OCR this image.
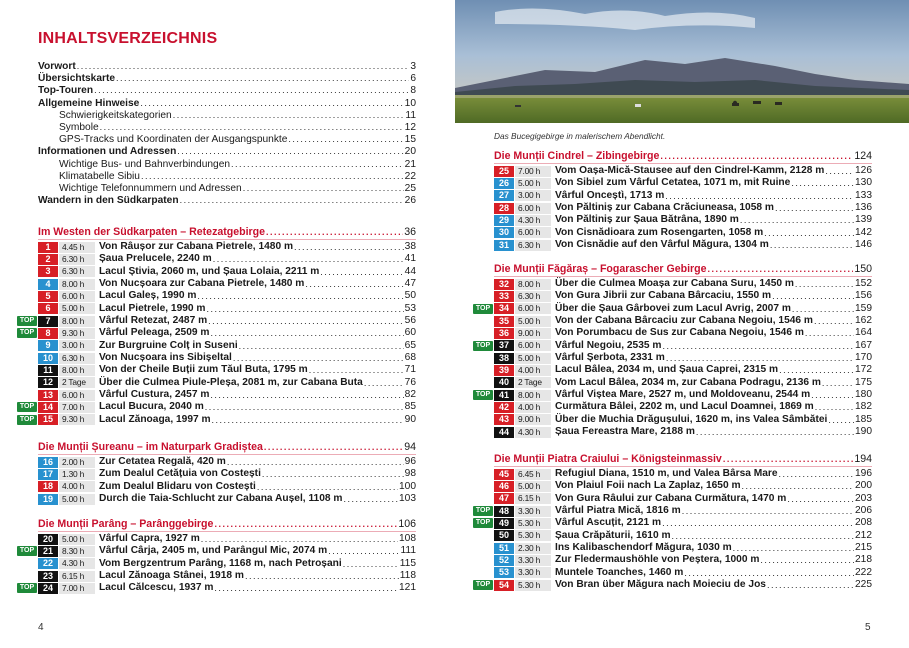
INHALTSVERZEICHNIS
Vorwort .....	3
Übersichtskarte .....	6
Top-Touren .....	8
Allgemeine Hinweise .....	10
Schwierigkeitskategorien .....	11
Symbole .....	12
GPS-Tracks und Koordinaten der Ausgangspunkte .....	15
Informationen und Adressen .....	20
Wichtige Bus- und Bahnverbindungen .....	21
Klimatabelle Sibiu .....	22
Wichtige Telefonnummern und Adressen .....	25
Wandern in den Südkarpaten .....	26
Im Westen der Südkarpaten – Retezatgebirge .....	36
1	4.45 h	Von Râușor zur Cabana Pietrele, 1480 m .....	38
2	6.30 h	Șaua Prelucele, 2240 m .....	41
3	6.30 h	Lacul Știvia, 2060 m, und Șaua Lolaia, 2211 m .....	44
4	8.00 h	Von Nucșoara zur Cabana Pietrele, 1480 m .....	47
5	6.00 h	Lacul Galeș, 1990 m .....	50
6	5.00 h	Lacul Pietrele, 1990 m .....	53
TOP	7	8.00 h	Vârful Retezat, 2487 m .....	56
TOP	8	9.30 h	Vârful Peleaga, 2509 m .....	60
9	3.00 h	Zur Burgruine Colț in Suseni .....	65
10	6.30 h	Von Nucșoara ins Sibișeltal .....	68
11	8.00 h	Von der Cheile Buții zum Tăul Buta, 1795 m .....	71
12	2 Tage	Über die Culmea Piule-Pleșa, 2081 m, zur Cabana Buta .....	76
13	6.00 h	Vârful Custura, 2457 m .....	82
TOP 14	7.00 h	Lacul Bucura, 2040 m .....	85
TOP 15	9.30 h	Lacul Zănoaga, 1997 m .....	90
Die Munții Șureanu – im Naturpark Gradiștea .....	94
16	2.00 h	Zur Cetatea Regală, 420 m .....	96
17	1.30 h	Zum Dealul Cetățuia von Costești .....	98
18	4.00 h	Zum Dealul Blidaru von Costești .....	100
19	5.00 h	Durch die Taia-Schlucht zur Cabana Aușel, 1108 m .....	103
Die Munții Parâng – Parânggebirge .....	106
20	5.00 h	Vârful Capra, 1927 m .....	108
TOP 21	8.30 h	Vârful Cârja, 2405 m, und Parângul Mic, 2074 m .....	111
22	4.30 h	Vom Bergzentrum Parâng, 1168 m, nach Petroșani .....	115
23	6.15 h	Lacul Zănoaga Stânei, 1918 m .....	118
TOP 24	7.00 h	Lacul Călcescu, 1937 m .....	121
4
Das Bucegigebirge in malerischem Abendlicht.
Die Munții Cindrel – Zibingebirge .....	124
25	7.00 h	Vom Oașa-Mică-Stausee auf den Cindrel-Kamm, 2128 m .....	126
26	5.00 h	Von Sibiel zum Vârful Cetatea, 1071 m, mit Ruine .....	130
27	3.00 h	Vârful Onceștì, 1713 m .....	133
28	6.00 h	Von Păltiniș zur Cabana Crăciuneasa, 1058 m .....	136
29	4.30 h	Von Păltiniș zur Șaua Bătrâna, 1890 m .....	139
30	6.00 h	Von Cisnădioara zum Rosengarten, 1058 m .....	142
31	6.30 h	Von Cisnădie auf den Vârful Măgura, 1304 m .....	146
Die Munții Făgăraș – Fogarascher Gebirge .....	150
32	8.00 h	Über die Culmea Moașa zur Cabana Suru, 1450 m .....	152
33	6.30 h	Von Gura Jibrii zur Cabana Bârcaciu, 1550 m .....	156
TOP 34	6.00 h	Über die Șaua Gârbovei zum Lacul Avrig, 2007 m .....	159
35	5.00 h	Von der Cabana Bârcaciu zur Cabana Negoiu, 1546 m .....	162
36	9.00 h	Von Porumbacu de Sus zur Cabana Negoiu, 1546 m .....	164
TOP 37	6.00 h	Vârful Negoiu, 2535 m .....	167
38	5.00 h	Vârful Șerbota, 2331 m .....	170
39	4.00 h	Lacul Bâlea, 2034 m, und Șaua Caprei, 2315 m .....	172
40	2 Tage	Vom Lacul Bâlea, 2034 m, zur Cabana Podragu, 2136 m .....	175
TOP 41	8.00 h	Vârful Viștea Mare, 2527 m, und Moldoveanu, 2544 m .....	180
42	4.00 h	Curmătura Bâlei, 2202 m, und Lacul Doamnei, 1869 m .....	182
43	9.00 h	Über die Muchia Drăgușului, 1620 m, ins Valea Sâmbătei .....	185
44	4.30 h	Șaua Fereastra Mare, 2188 m .....	190
Die Munții Piatra Craiului – Königsteinmassiv .....	194
45	6.45 h	Refugiul Diana, 1510 m, und Valea Bârsa Mare .....	196
46	5.00 h	Von Plaiul Foii nach La Zaplaz, 1650 m .....	200
47	6.15 h	Von Gura Râului zur Cabana Curmătura, 1470 m .....	203
TOP 48	3.30 h	Vârful Piatra Mică, 1816 m .....	206
TOP 49	5.30 h	Vârful Ascuțit, 2121 m .....	208
50	5.30 h	Șaua Crăpăturii, 1610 m .....	212
51	2.30 h	Ins Kalibaschendorf Măgura, 1030 m .....	215
52	3.30 h	Zur Fledermaushöhle von Peștera, 1000 m .....	218
53	3.30 h	Muntele Toanches, 1460 m .....	222
TOP 54	5.30 h	Von Bran über Măgura nach Moieciu de Jos .....	225
5
